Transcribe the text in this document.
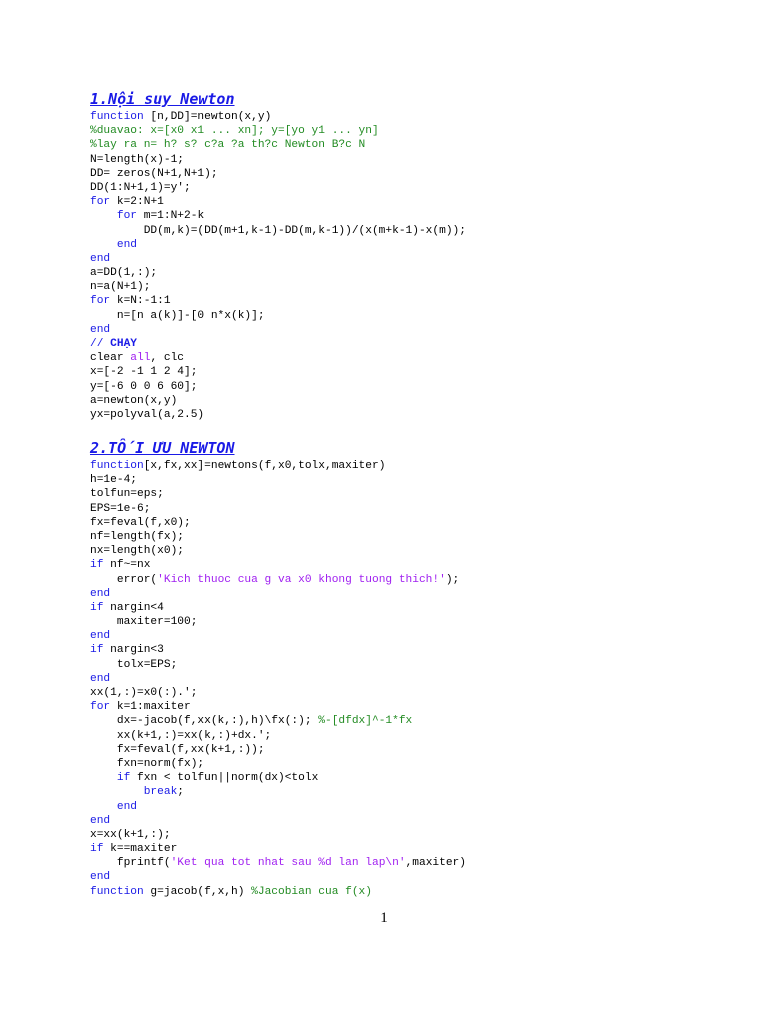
1.Nội suy Newton
function [n,DD]=newton(x,y)
%duavao: x=[x0 x1 ... xn]; y=[yo y1 ... yn]
%lay ra n= h? s? c?a ?a th?c Newton B?c N
N=length(x)-1;
DD= zeros(N+1,N+1);
DD(1:N+1,1)=y';
for k=2:N+1
for m=1:N+2-k
DD(m,k)=(DD(m+1,k-1)-DD(m,k-1))/(x(m+k-1)-x(m));
end
end
a=DD(1,:);
n=a(N+1);
for k=N:-1:1
n=[n a(k)]-[0 n*x(k)];
end
// CHẠY
clear all, clc
x=[-2 -1 1 2 4];
y=[-6 0 0 6 60];
a=newton(x,y)
yx=polyval(a,2.5)
2.TỐI ƯU NEWTON
function[x,fx,xx]=newtons(f,x0,tolx,maxiter)
h=1e-4;
tolfun=eps;
EPS=1e-6;
fx=feval(f,x0);
nf=length(fx);
nx=length(x0);
if nf~=nx
error('Kich thuoc cua g va x0 khong tuong thich!');
end
if nargin<4
maxiter=100;
end
if nargin<3
tolx=EPS;
end
xx(1,:)=x0(:).';
for k=1:maxiter
dx=-jacob(f,xx(k,:),h)\fx(:); %-[dfdx]^-1*fx
xx(k+1,:)=xx(k,:)+dx.';
fx=feval(f,xx(k+1,:));
fxn=norm(fx);
if fxn < tolfun||norm(dx)<tolx
break;
end
end
x=xx(k+1,:);
if k==maxiter
fprintf('Ket qua tot nhat sau %d lan lap\n',maxiter)
end
function g=jacob(f,x,h) %Jacobian cua f(x)
1
